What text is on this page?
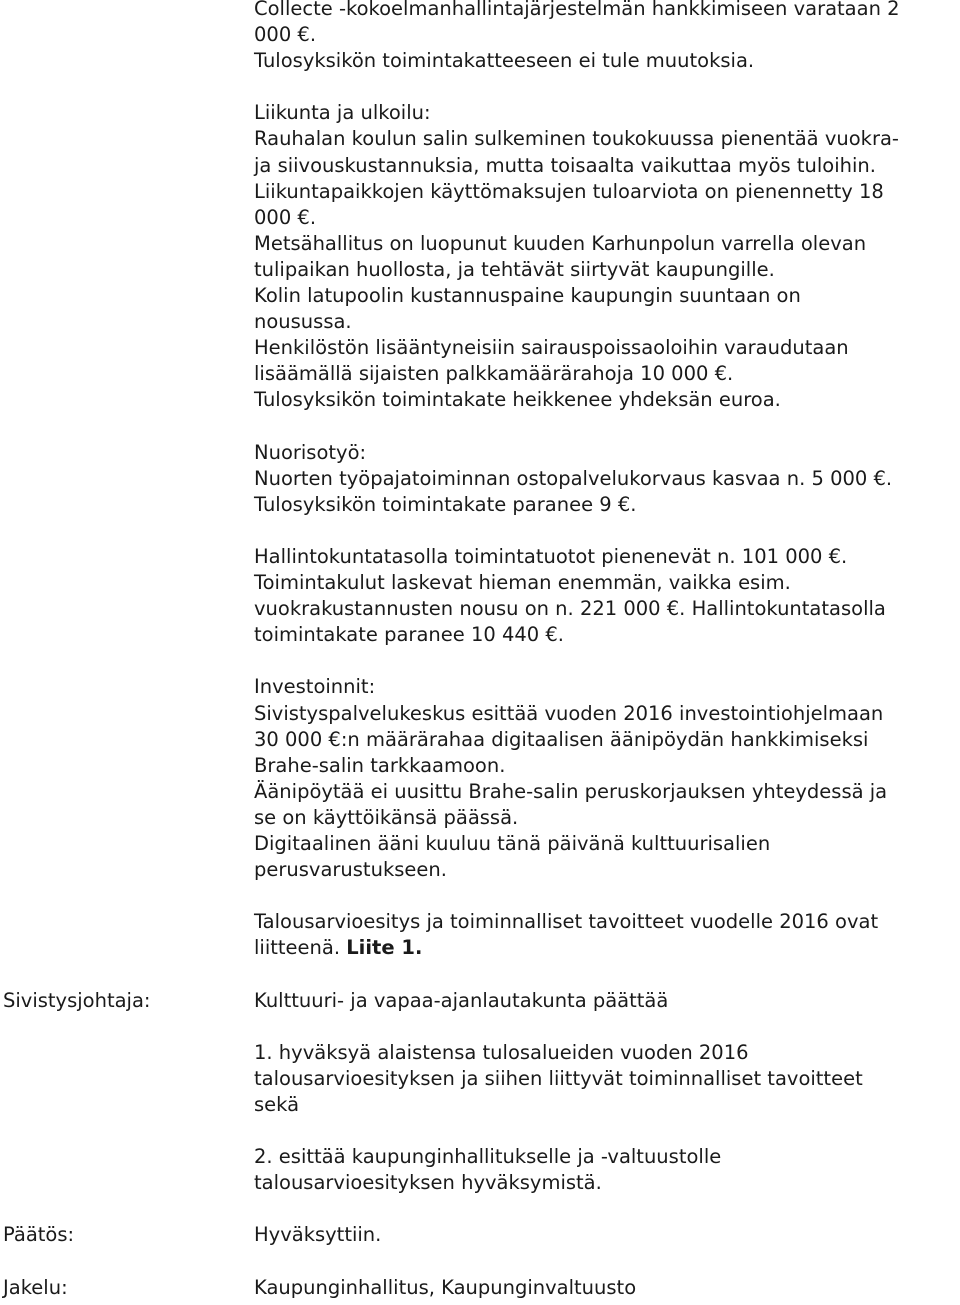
Collecte -kokoelmanhallintajärjestelmän hankkimiseen varataan 2
000 €.
Tulosyksikön toimintakatteeseen ei tule muutoksia.
Liikunta ja ulkoilu:
Rauhalan koulun salin sulkeminen toukokuussa pienentää vuokra-
ja siivouskustannuksia, mutta toisaalta vaikuttaa myös tuloihin.
Liikuntapaikkojen käyttömaksujen tuloarviota on pienennetty 18
000 €.
Metsähallitus on luopunut kuuden Karhunpolun varrella olevan
tulipaikan huollosta, ja tehtävät siirtyvät kaupungille.
Kolin latupoolin kustannuspaine kaupungin suuntaan on
nousussa.
Henkilöstön lisääntyneisiin sairauspoissaoloihin varaudutaan
lisäämällä sijaisten palkkamäärärahoja 10 000 €.
Tulosyksikön toimintakate heikkenee yhdeksän euroa.
Nuorisotyö:
Nuorten työpajatoiminnan ostopalvelukorvaus kasvaa n. 5 000 €.
Tulosyksikön toimintakate paranee 9 €.
Hallintokuntatasolla toimintatuotot pienenevät n. 101 000 €.
Toimintakulut laskevat hieman enemmän, vaikka esim.
vuokrakustannusten nousu on n. 221 000 €. Hallintokuntatasolla
toimintakate paranee 10 440 €.
Investoinnit:
Sivistyspalvelukeskus esittää vuoden 2016 investointiohjelmaan
30 000 €:n määrärahaa digitaalisen äänipöydän hankkimiseksi
Brahe-salin tarkkaamoon.
Äänipöytää ei uusittu Brahe-salin peruskorjauksen yhteydessä ja
se on käyttöikänsä päässä.
Digitaalinen ääni kuuluu tänä päivänä kulttuurisalien
perusvarustukseen.
Talousarvioesitys ja toiminnalliset tavoitteet vuodelle 2016 ovat
liitteenä. Liite 1.
Sivistysjohtaja:	Kulttuuri- ja vapaa-ajanlautakunta päättää
1. hyväksyä alaistensa tulosalueiden vuoden 2016
talousarvioesityksen ja siihen liittyvät toiminnalliset tavoitteet
sekä
2. esittää kaupunginhallitukselle ja -valtuustolle
talousarvioesityksen hyväksymistä.
Päätös:	Hyväksyttiin.
Jakelu:	Kaupunginhallitus, Kaupunginvaltuusto
